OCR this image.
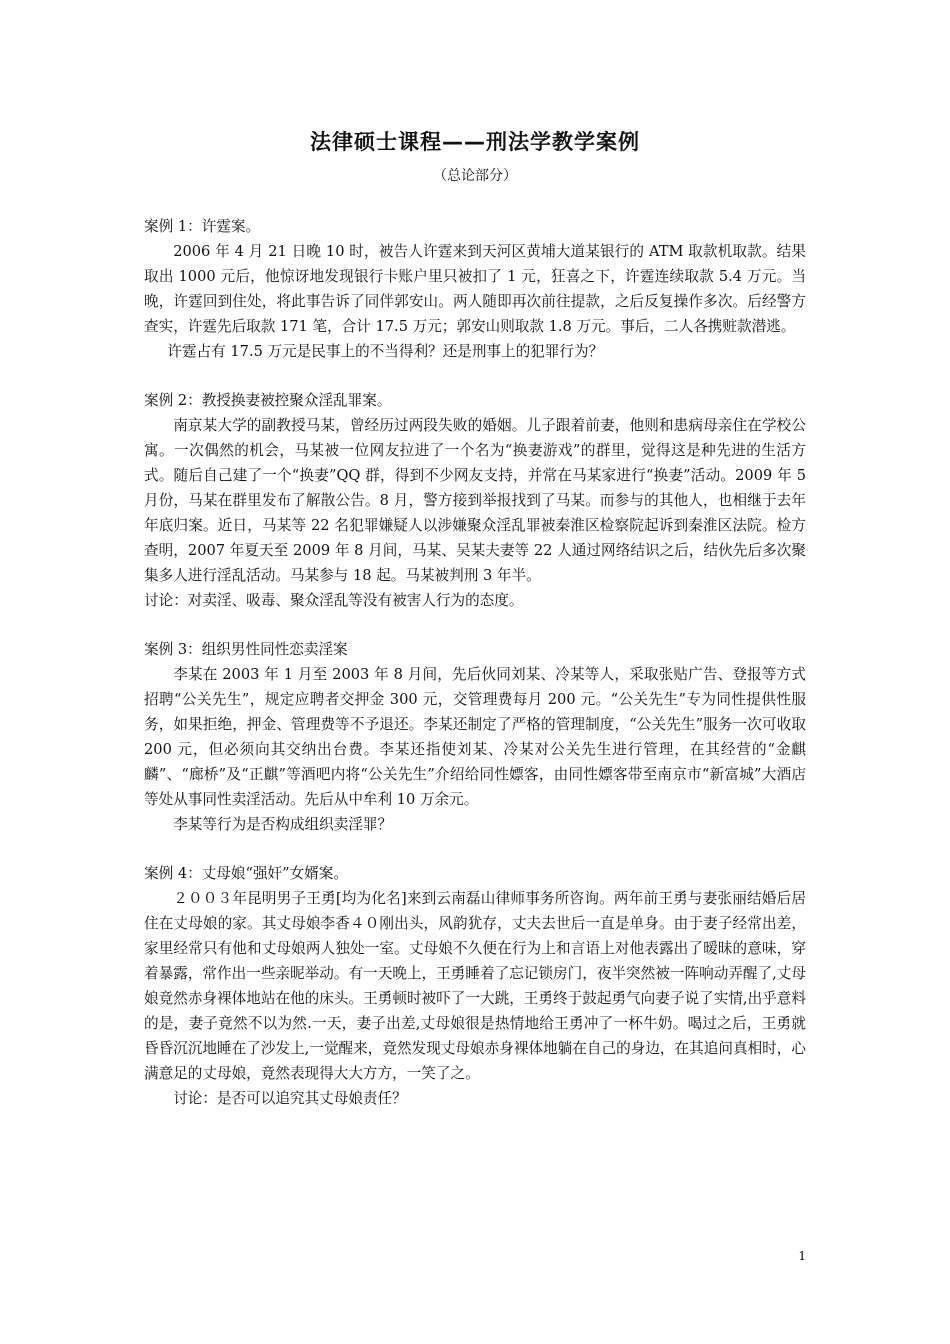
法律硕士课程——刑法学教学案例
（总论部分）

案例 1：许霆案。

2006 年 4 月 21 日晚 10 时，被告人许霆来到天河区黄埔大道某银行的 ATM 取款机取款。结果取出 1000 元后，他惊讶地发现银行卡账户里只被扣了 1 元，狂喜之下，许霆连续取款 5.4 万元。当晚，许霆回到住处，将此事告诉了同伴郭安山。两人随即再次前往提款，之后反复操作多次。后经警方查实，许霆先后取款 171 笔，合计 17.5 万元；郭安山则取款 1.8 万元。事后，二人各携赃款潜逃。

许霆占有 17.5 万元是民事上的不当得利？还是刑事上的犯罪行为？

案例 2：教授换妻被控聚众淫乱罪案。

南京某大学的副教授马某，曾经历过两段失败的婚姻。儿子跟着前妻，他则和患病母亲住在学校公寓。一次偶然的机会，马某被一位网友拉进了一个名为“换妻游戏”的群里，觉得这是种先进的生活方式。随后自己建了一个“换妻”QQ 群，得到不少网友支持，并常在马某家进行“换妻”活动。2009 年 5 月份，马某在群里发布了解散公告。8 月，警方接到举报找到了马某。而参与的其他人，也相继于去年年底归案。近日，马某等 22 名犯罪嫌疑人以涉嫌聚众淫乱罪被秦淮区检察院起诉到秦淮区法院。检方查明，2007 年夏天至 2009 年 8 月间，马某、吴某夫妻等 22 人通过网络结识之后，结伙先后多次聚集多人进行淫乱活动。马某参与 18 起。马某被判刑 3 年半。

讨论：对卖淫、吸毒、聚众淫乱等没有被害人行为的态度。

案例 3：组织男性同性恋卖淫案

李某在 2003 年 1 月至 2003 年 8 月间，先后伙同刘某、冷某等人，采取张贴广告、登报等方式招聘“公关先生”，规定应聘者交押金 300 元，交管理费每月 200 元。“公关先生”专为同性提供性服务，如果拒绝，押金、管理费等不予退还。李某还制定了严格的管理制度，“公关先生”服务一次可收取 200 元，但必须向其交纳出台费。李某还指使刘某、冷某对公关先生进行管理，在其经营的“金麒麟”、“廊桥”及“正麒”等酒吧内将“公关先生”介绍给同性嫖客，由同性嫖客带至南京市“新富城”大酒店等处从事同性卖淫活动。先后从中牟利 10 万余元。

李某等行为是否构成组织卖淫罪？

案例 4：丈母娘“强奸”女婿案。

２００３年昆明男子王勇[均为化名]来到云南磊山律师事务所咨询。两年前王勇与妻张丽结婚后居住在丈母娘的家。其丈母娘李香４０刚出头，风韵犹存，丈夫去世后一直是单身。由于妻子经常出差，家里经常只有他和丈母娘两人独处一室。丈母娘不久便在行为上和言语上对他表露出了暧昧的意味，穿着暴露，常作出一些亲昵举动。有一天晚上，王勇睡着了忘记锁房门，夜半突然被一阵响动弄醒了,丈母娘竟然赤身裸体地站在他的床头。王勇顿时被吓了一大跳，王勇终于鼓起勇气向妻子说了实情,出乎意料的是，妻子竟然不以为然.一天，妻子出差,丈母娘很是热情地给王勇冲了一杯牛奶。喝过之后，王勇就昏昏沉沉地睡在了沙发上,一觉醒来，竟然发现丈母娘赤身裸体地躺在自己的身边，在其追问真相时，心满意足的丈母娘，竟然表现得大大方方，一笑了之。

讨论：是否可以追究其丈母娘责任？

1
